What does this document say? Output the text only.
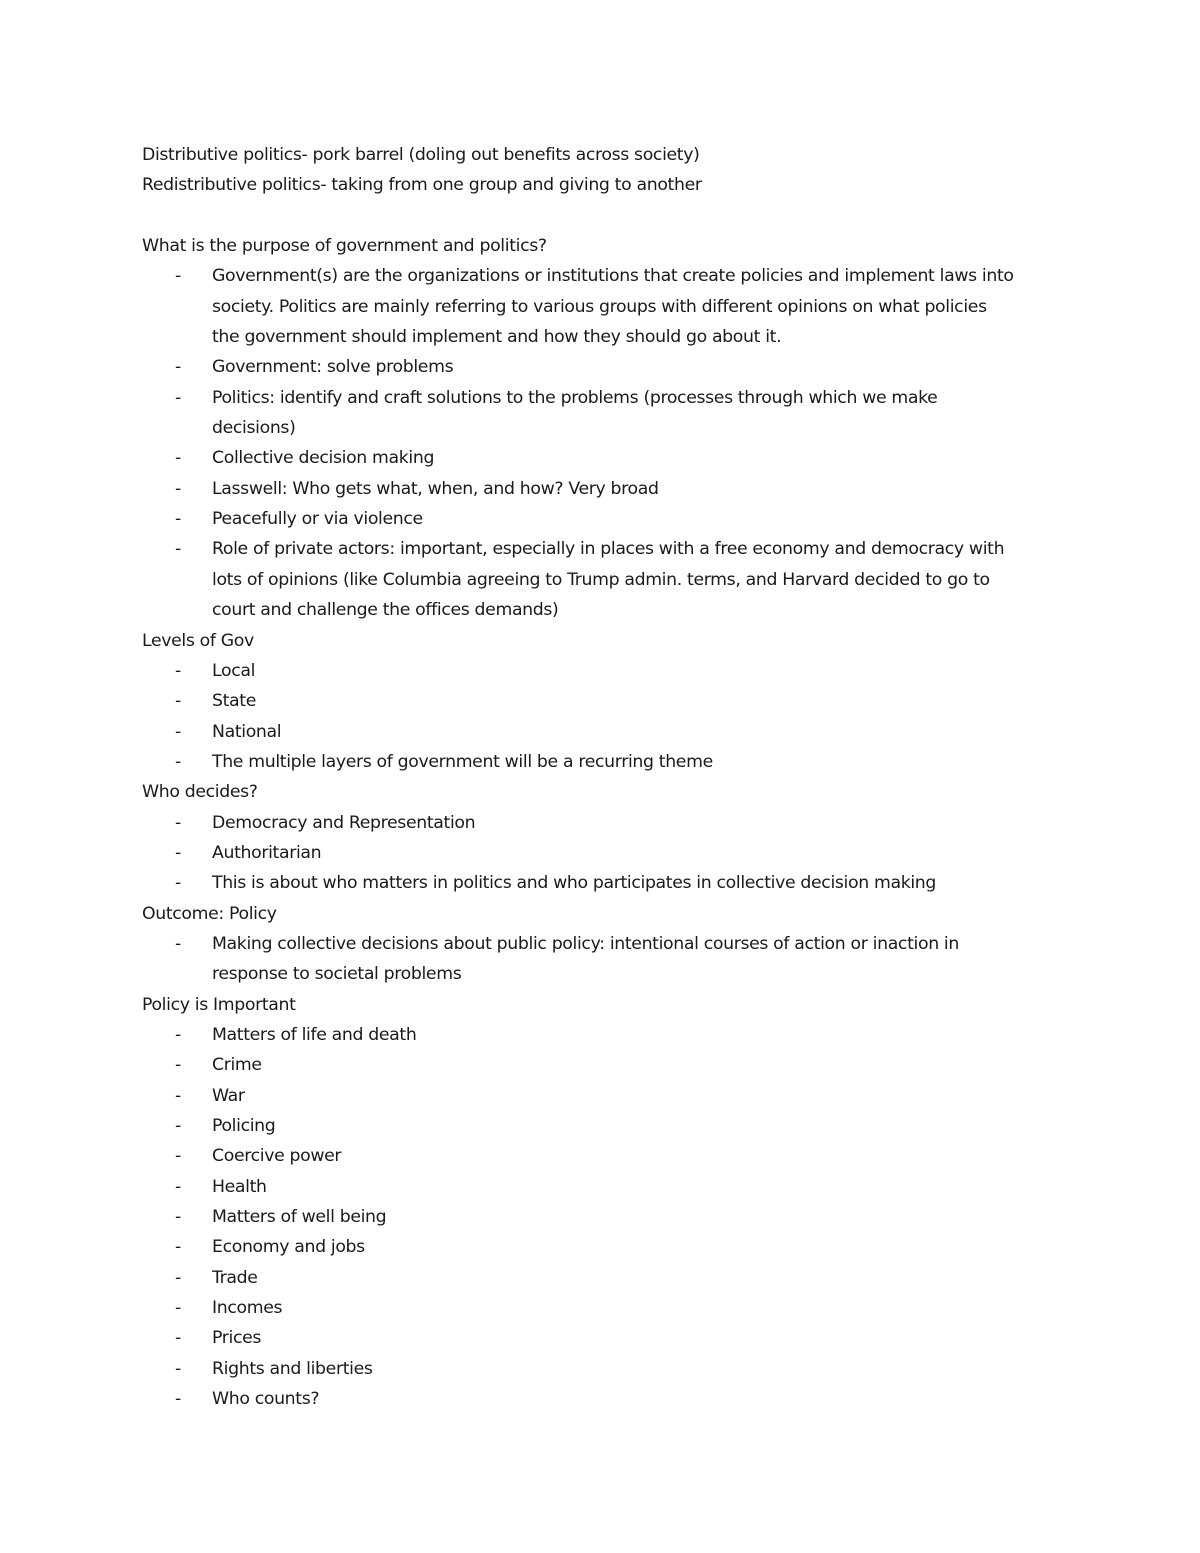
Distributive politics- pork barrel (doling out benefits across society)

Redistributive politics- taking from one group and giving to another

What is the purpose of government and politics?

- Government(s) are the organizations or institutions that create policies and implement laws into
society. Politics are mainly referring to various groups with different opinions on what policies
the government should implement and how they should go about it.
- Government: solve problems
- Politics: identify and craft solutions to the problems (processes through which we make
decisions)
- Collective decision making
- Lasswell: Who gets what, when, and how? Very broad
- Peacefully or via violence
- Role of private actors: important, especially in places with a free economy and democracy with
lots of opinions (like Columbia agreeing to Trump admin. terms, and Harvard decided to go to
court and challenge the offices demands)

Levels of Gov

- Local
- State
- National
- The multiple layers of government will be a recurring theme

Who decides?

- Democracy and Representation
- Authoritarian
- This is about who matters in politics and who participates in collective decision making

Outcome: Policy

- Making collective decisions about public policy: intentional courses of action or inaction in
response to societal problems

Policy is Important

- Matters of life and death
- Crime
- War
- Policing
- Coercive power
- Health
- Matters of well being
- Economy and jobs
- Trade
- Incomes
- Prices
- Rights and liberties
- Who counts?
